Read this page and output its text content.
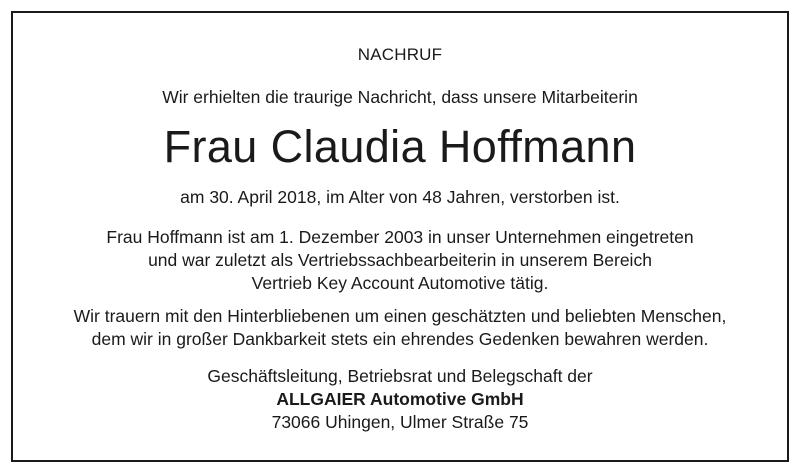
NACHRUF
Wir erhielten die traurige Nachricht, dass unsere Mitarbeiterin
Frau Claudia Hoffmann
am 30. April 2018, im Alter von 48 Jahren, verstorben ist.
Frau Hoffmann ist am 1. Dezember 2003 in unser Unternehmen eingetreten
und war zuletzt als Vertriebssachbearbeiterin in unserem Bereich
Vertrieb Key Account Automotive tätig.
Wir trauern mit den Hinterbliebenen um einen geschätzten und beliebten Menschen,
dem wir in großer Dankbarkeit stets ein ehrendes Gedenken bewahren werden.
Geschäftsleitung, Betriebsrat und Belegschaft der
ALLGAIER Automotive GmbH
73066 Uhingen, Ulmer Straße 75
